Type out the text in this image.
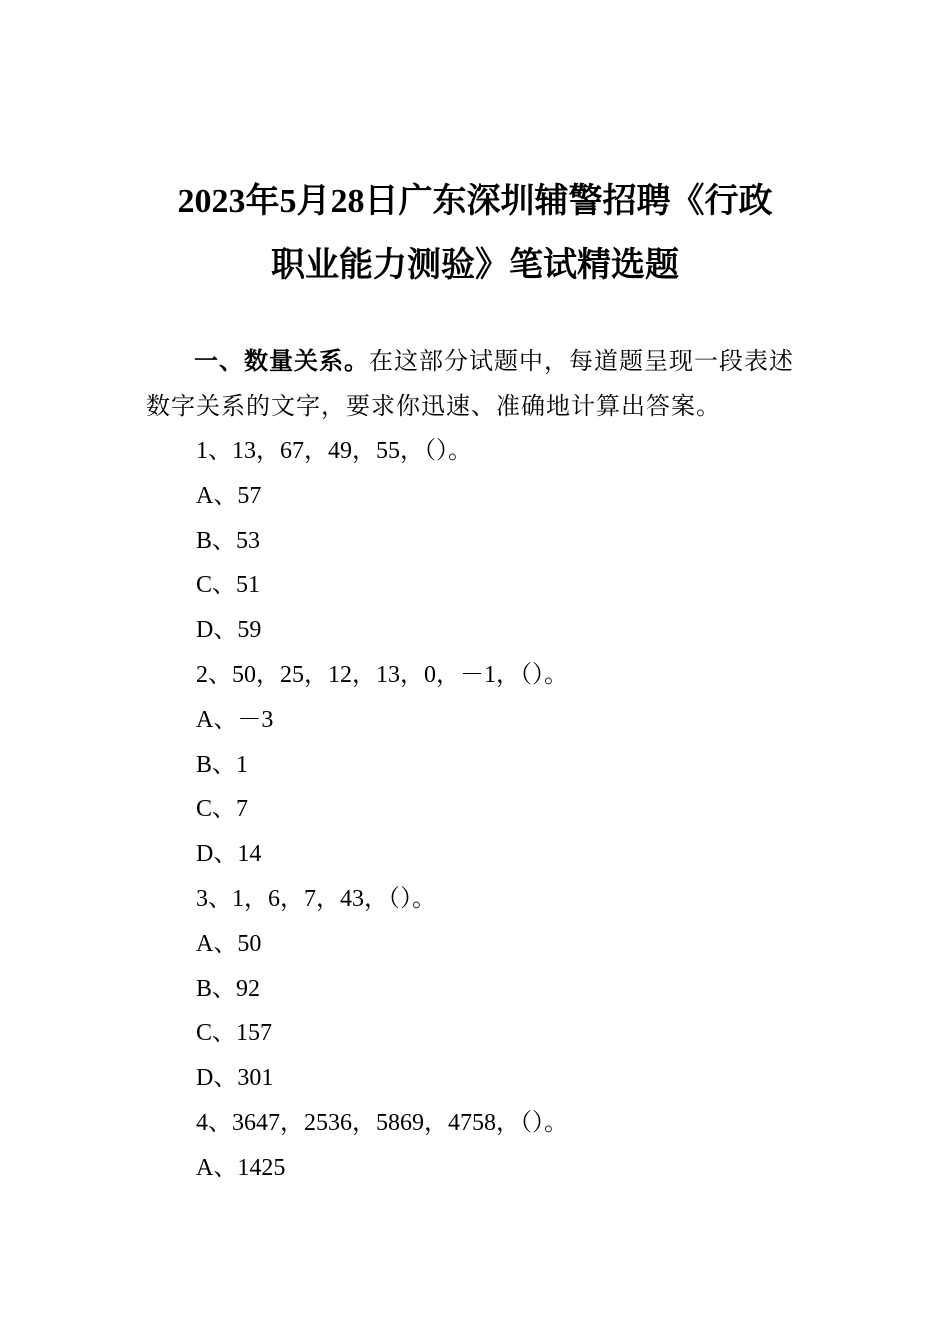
2023年5月28日广东深圳辅警招聘《行政
职业能力测验》笔试精选题
一、数量关系。在这部分试题中，每道题呈现一段表述数字关系的文字，要求你迅速、准确地计算出答案。
1、13，67，49，55，（）。
A、57
B、53
C、51
D、59
2、50，25，12，13，0，－1，（）。
A、－3
B、1
C、7
D、14
3、1，6，7，43，（）。
A、50
B、92
C、157
D、301
4、3647，2536，5869，4758，（）。
A、1425
